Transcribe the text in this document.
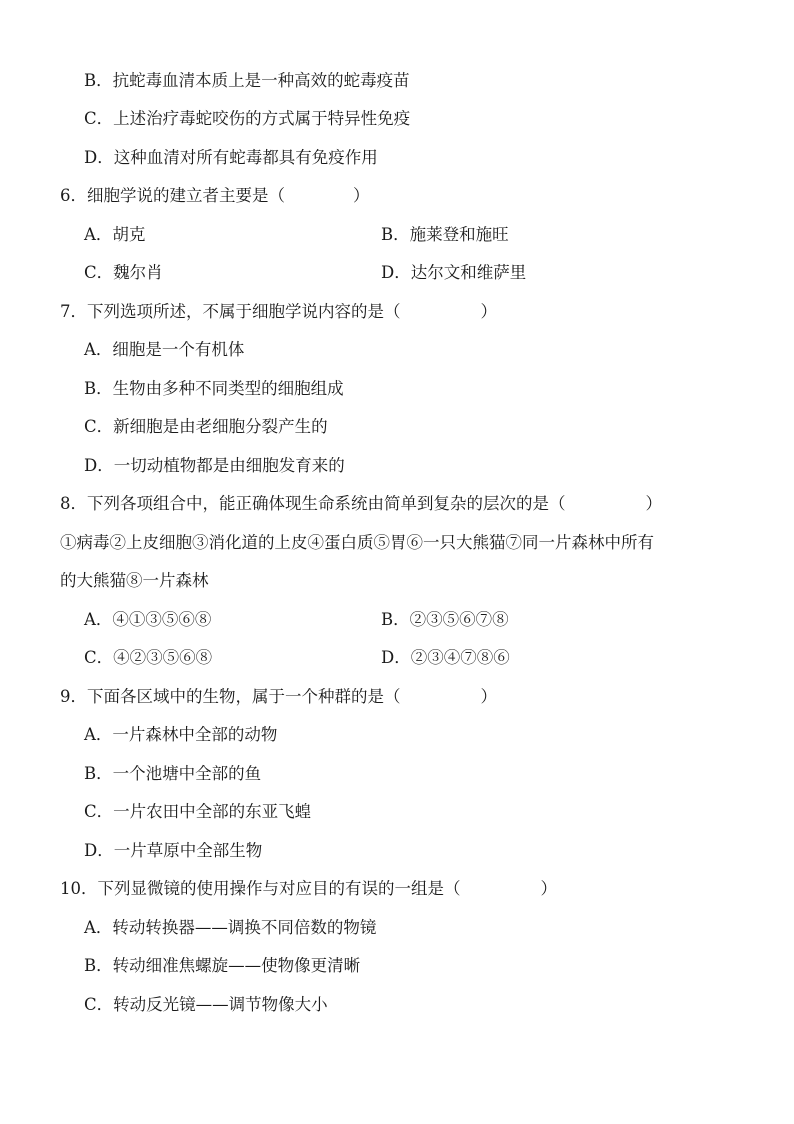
B．抗蛇毒血清本质上是一种高效的蛇毒疫苗
C．上述治疗毒蛇咬伤的方式属于特异性免疫
D．这种血清对所有蛇毒都具有免疫作用
6．细胞学说的建立者主要是（	）
A．胡克	B．施莱登和施旺
C．魏尔肖	D．达尔文和维萨里
7．下列选项所述，不属于细胞学说内容的是（	）
A．细胞是一个有机体
B．生物由多种不同类型的细胞组成
C．新细胞是由老细胞分裂产生的
D．一切动植物都是由细胞发育来的
8．下列各项组合中，能正确体现生命系统由简单到复杂的层次的是（	）
①病毒②上皮细胞③消化道的上皮④蛋白质⑤胃⑥一只大熊猫⑦同一片森林中所有
的大熊猫⑧一片森林
A．④①③⑤⑥⑧	B．②③⑤⑥⑦⑧
C．④②③⑤⑥⑧	D．②③④⑦⑧⑥
9．下面各区域中的生物，属于一个种群的是（	）
A．一片森林中全部的动物
B．一个池塘中全部的鱼
C．一片农田中全部的东亚飞蝗
D．一片草原中全部生物
10．下列显微镜的使用操作与对应目的有误的一组是（	）
A．转动转换器——调换不同倍数的物镜
B．转动细准焦螺旋——使物像更清晰
C．转动反光镜——调节物像大小
